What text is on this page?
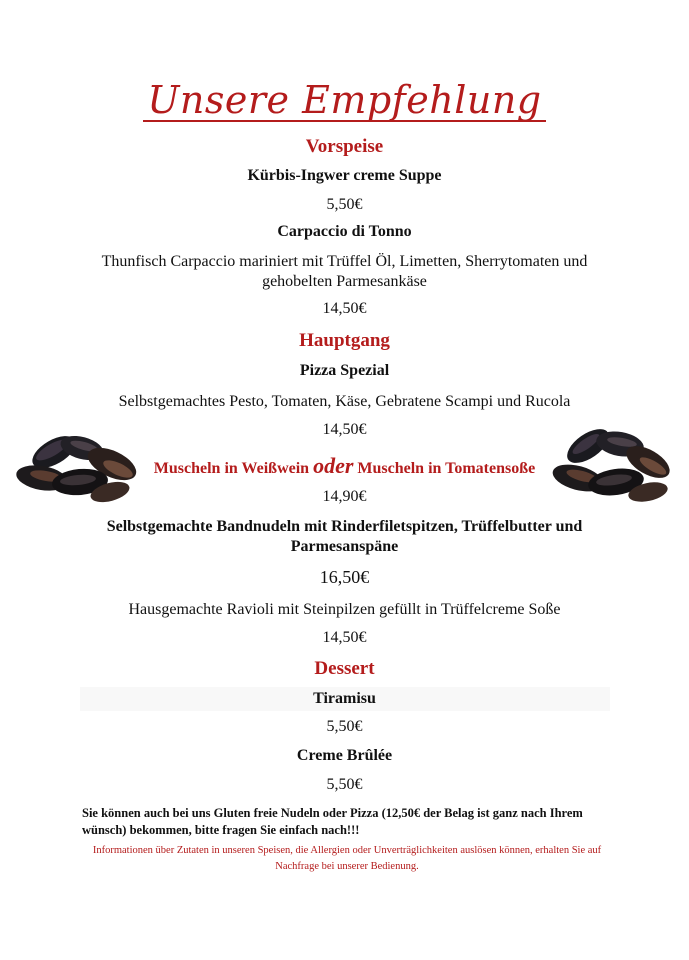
Unsere Empfehlung
Vorspeise
Kürbis-Ingwer creme Suppe
5,50€
Carpaccio di Tonno
Thunfisch Carpaccio mariniert mit Trüffel Öl, Limetten, Sherrytomaten und
gehobelten Parmesankäse
14,50€
Hauptgang
Pizza Spezial
Selbstgemachtes Pesto, Tomaten, Käse, Gebratene Scampi und Rucola
14,50€
Muscheln in Weißwein oder Muscheln in Tomatensoße
14,90€
Selbstgemachte Bandnudeln mit Rinderfiletspitzen, Trüffelbutter und
Parmesanspäne
16,50€
Hausgemachte Ravioli mit Steinpilzen gefüllt in Trüffelcreme Soße
14,50€
Dessert
Tiramisu
5,50€
Creme Brûlée
5,50€
Sie können auch bei uns Gluten freie Nudeln oder Pizza (12,50€ der Belag ist ganz nach Ihrem
wünsch) bekommen, bitte fragen Sie einfach nach!!!
Informationen über Zutaten in unseren Speisen, die Allergien oder Unverträglichkeiten auslösen können, erhalten Sie auf
Nachfrage bei unserer Bedienung.
